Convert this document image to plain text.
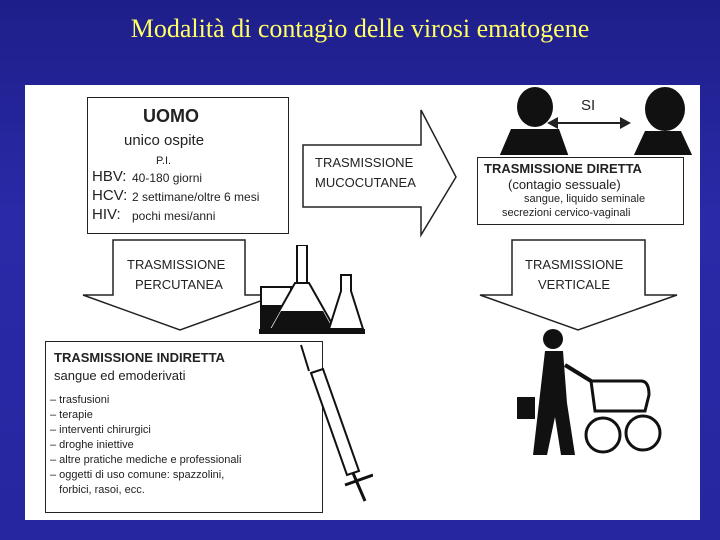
Modalità di contagio delle virosi ematogene
UOMO
unico ospite
P.I.
HBV: 40-180 giorni
HCV: 2 settimane/oltre 6 mesi
HIV: pochi mesi/anni
TRASMISSIONE
MUCOCUTANEA
TRASMISSIONE
PERCUTANEA
TRASMISSIONE
VERTICALE
SI
TRASMISSIONE DIRETTA
(contagio sessuale)
sangue, liquido seminale
secrezioni cervico-vaginali
TRASMISSIONE INDIRETTA
sangue ed emoderivati
– trasfusioni
– terapie
– interventi chirurgici
– droghe iniettive
– altre pratiche mediche e professionali
– oggetti di uso comune: spazzolini,
forbici, rasoi, ecc.
